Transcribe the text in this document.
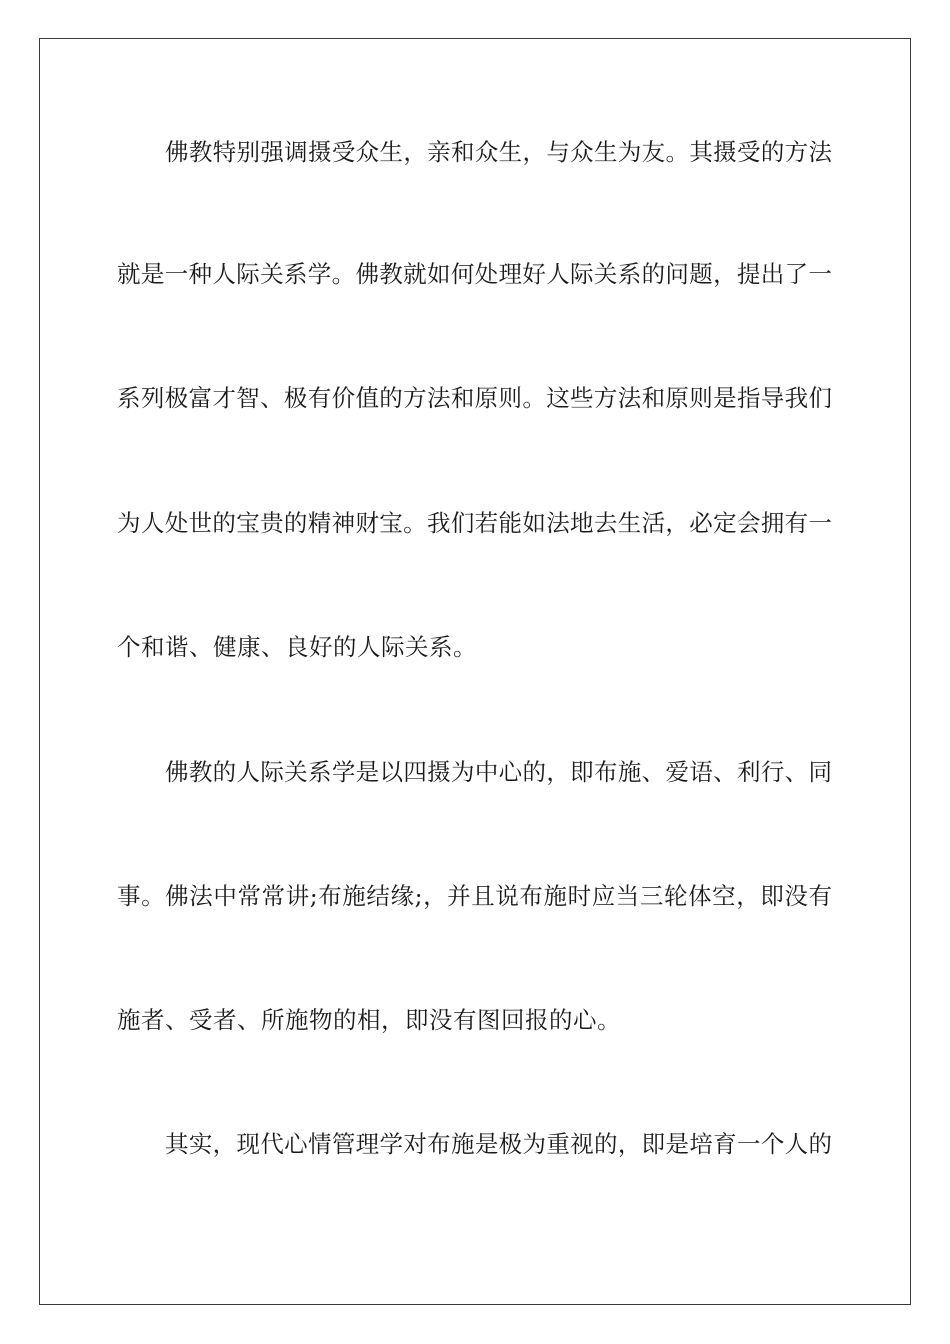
佛教特别强调摄受众生，亲和众生，与众生为友。其摄受的方法
就是一种人际关系学。佛教就如何处理好人际关系的问题，提出了一
系列极富才智、极有价值的方法和原则。这些方法和原则是指导我们
为人处世的宝贵的精神财宝。我们若能如法地去生活，必定会拥有一
个和谐、健康、良好的人际关系。
佛教的人际关系学是以四摄为中心的，即布施、爱语、利行、同
事。佛法中常常讲;布施结缘;，并且说布施时应当三轮体空，即没有
施者、受者、所施物的相，即没有图回报的心。
其实，现代心情管理学对布施是极为重视的，即是培育一个人的
